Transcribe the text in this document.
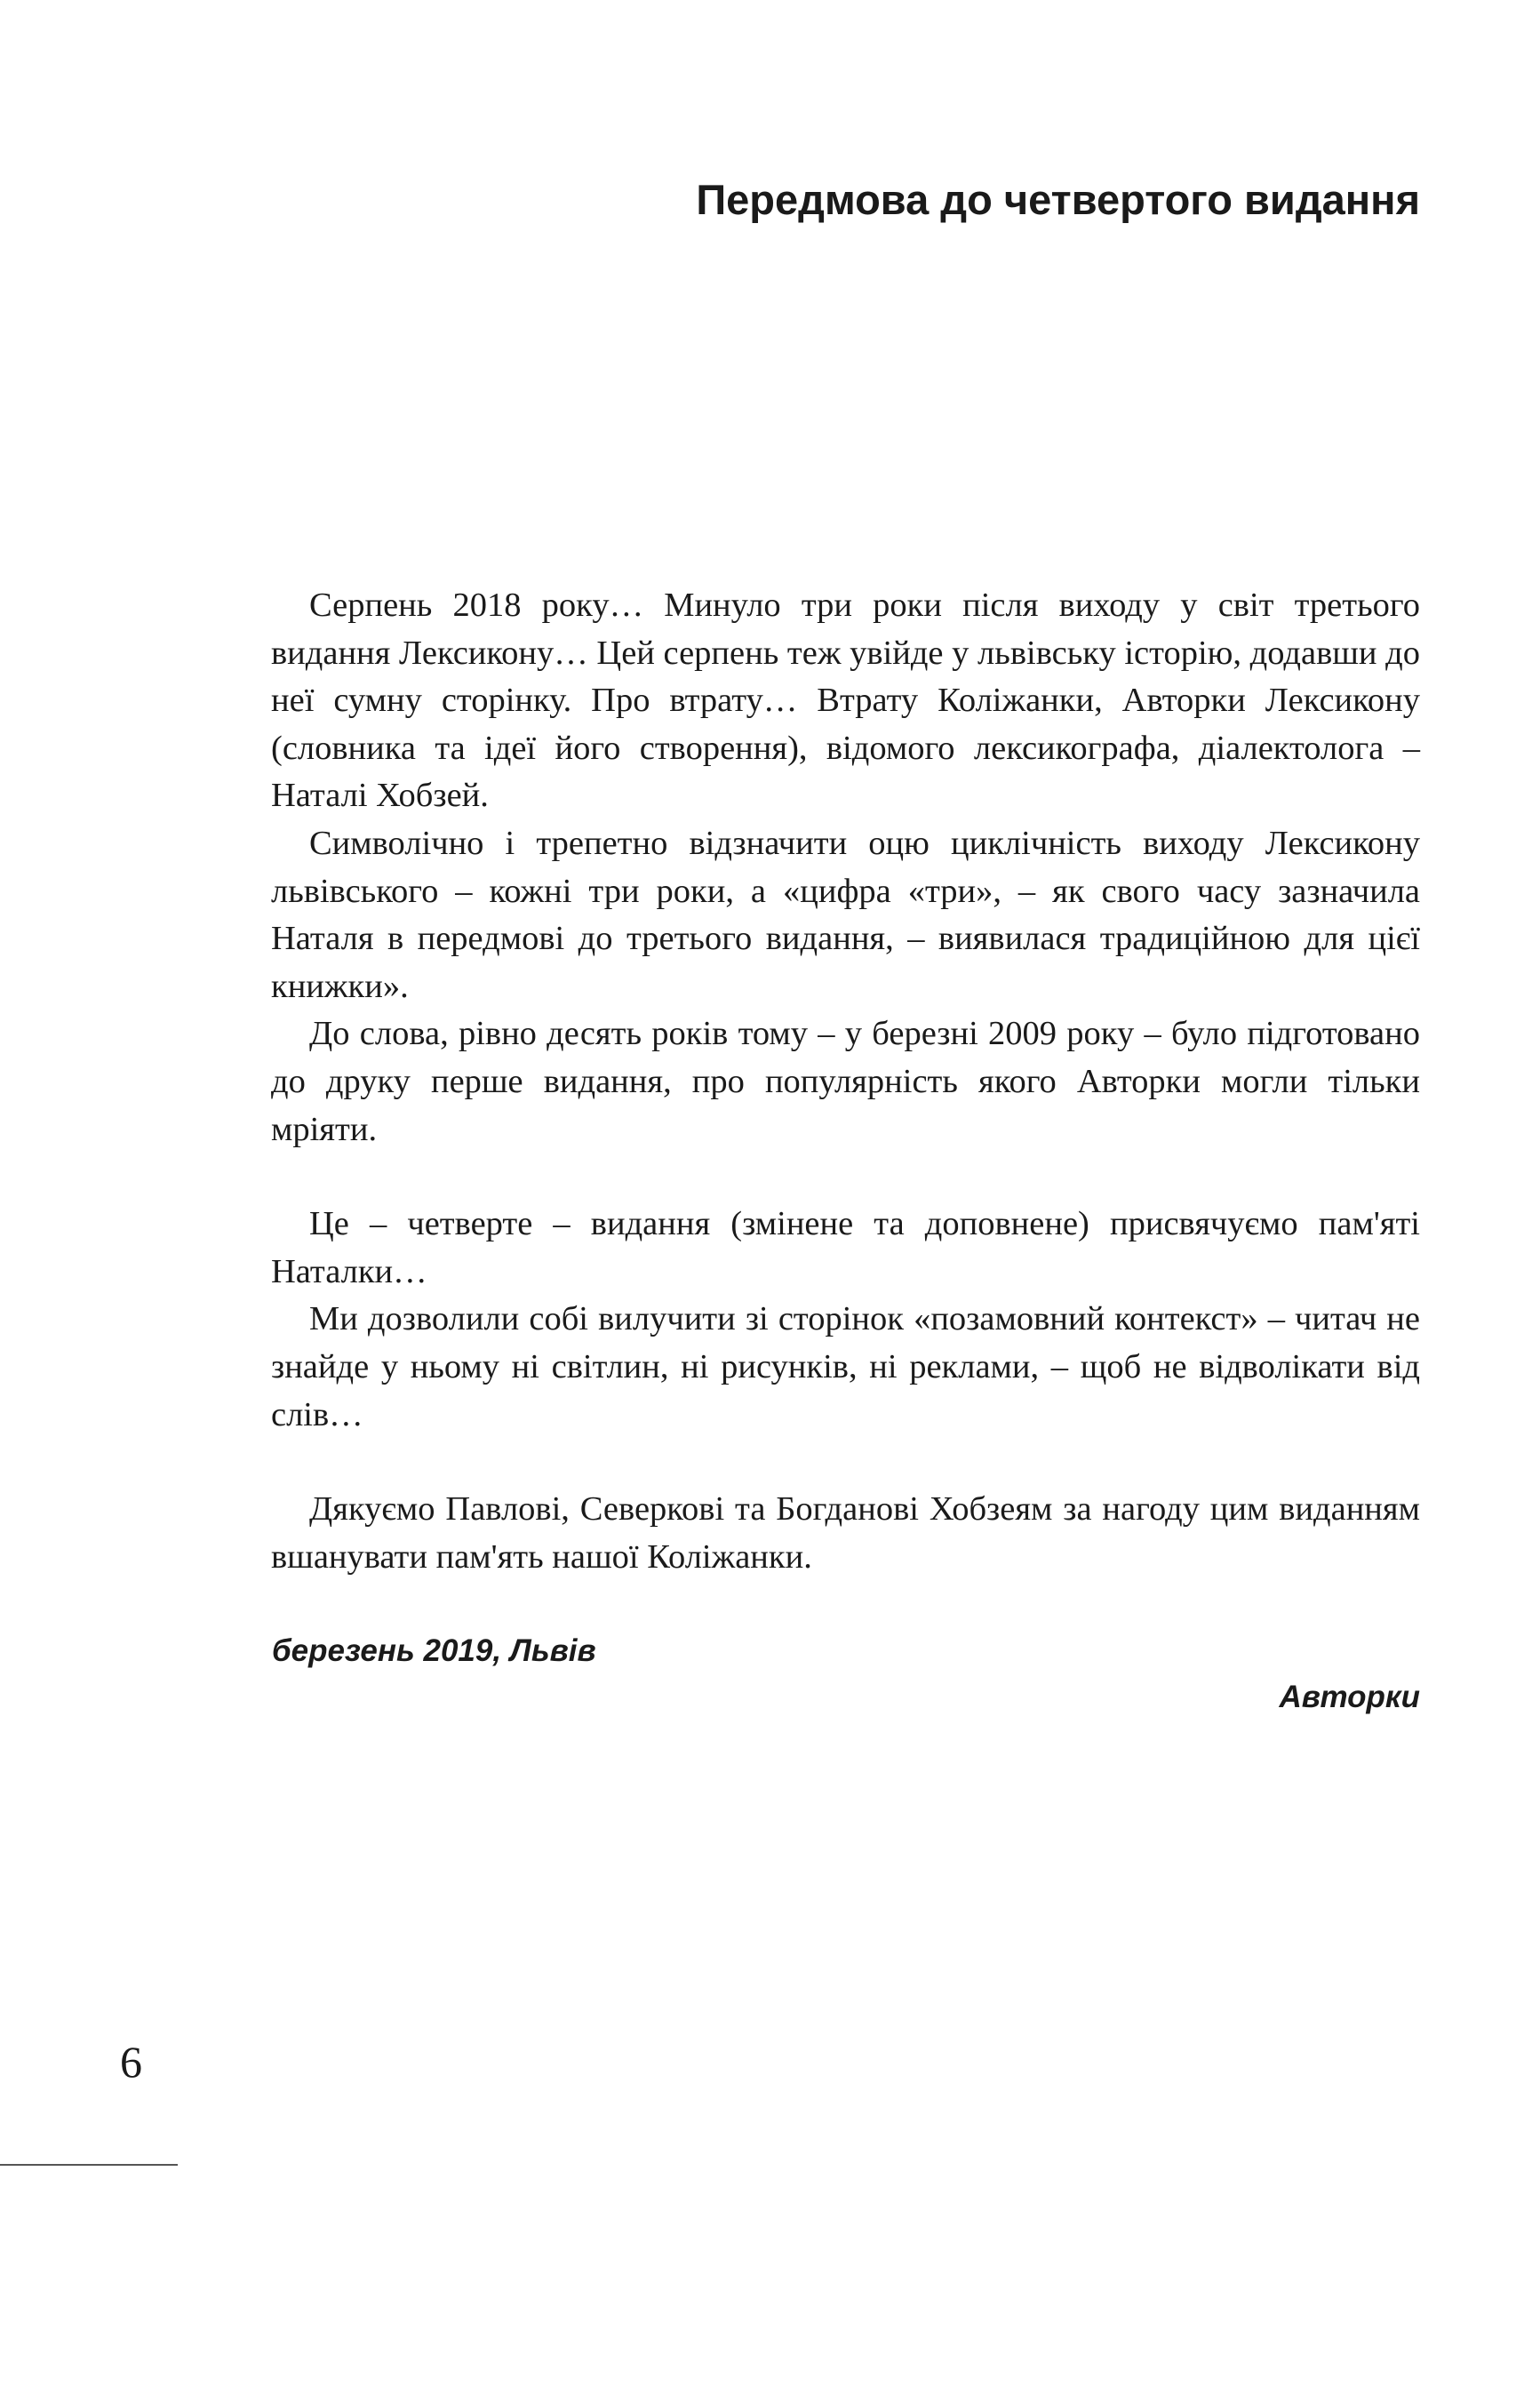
Передмова до четвертого видання

Серпень 2018 року… Минуло три роки після виходу у світ третього видання Лексикону… Цей серпень теж увійде у львівську історію, додавши до неї сумну сторінку. Про втрату… Втрату Коліжанки, Авторки Лексикону (словника та ідеї його створення), відомого лексикографа, діалектолога – Наталі Хобзей.

Символічно і трепетно відзначити оцю циклічність виходу Лексикону львівського – кожні три роки, а «цифра «три», – як свого часу зазначила Наталя в передмові до третього видання, – виявилася традиційною для цієї книжки».

До слова, рівно десять років тому – у березні 2009 року – було підготовано до друку перше видання, про популярність якого Авторки могли тільки мріяти.

Це – четверте – видання (змінене та доповнене) присвячуємо пам'яті Наталки…

Ми дозволили собі вилучити зі сторінок «позамовний контекст» – читач не знайде у ньому ні світлин, ні рисунків, ні реклами, – щоб не відволікати від слів…

Дякуємо Павлові, Северкові та Богданові Хобзеям за нагоду цим виданням вшанувати пам'ять нашої Коліжанки.

березень 2019, Львів
Авторки
6
